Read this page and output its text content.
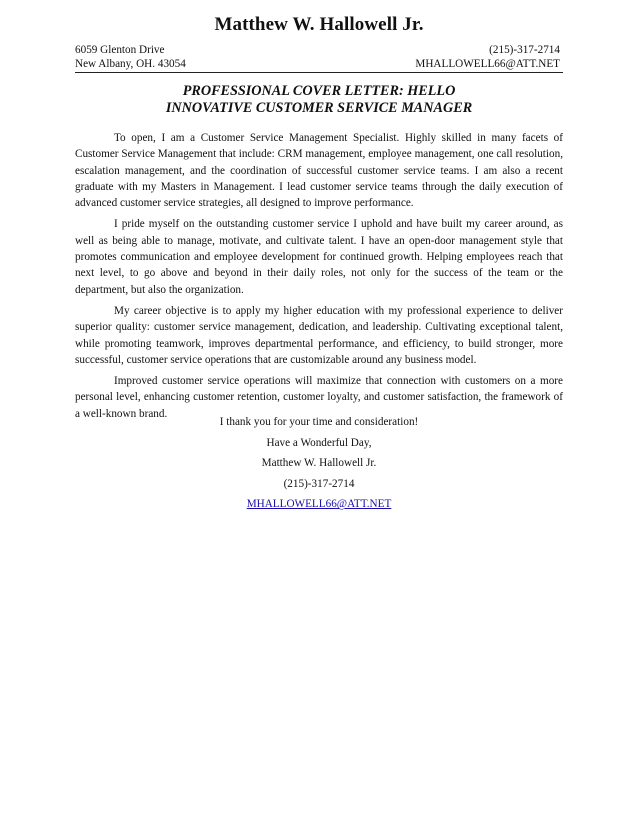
Matthew W. Hallowell Jr.
6059 Glenton Drive	(215)-317-2714
New Albany, OH. 43054	MHALLOWELL66@ATT.NET
PROFESSIONAL COVER LETTER: HELLO
INNOVATIVE CUSTOMER SERVICE MANAGER

To open, I am a Customer Service Management Specialist. Highly skilled in many facets of Customer Service Management that include: CRM management, employee management, one call resolution, escalation management, and the coordination of successful customer service teams. I am also a recent graduate with my Masters in Management. I lead customer service teams through the daily execution of advanced customer service strategies, all designed to improve performance.

I pride myself on the outstanding customer service I uphold and have built my career around, as well as being able to manage, motivate, and cultivate talent. I have an open-door management style that promotes communication and employee development for continued growth. Helping employees reach that next level, to go above and beyond in their daily roles, not only for the success of the team or the department, but also the organization.

My career objective is to apply my higher education with my professional experience to deliver superior quality: customer service management, dedication, and leadership. Cultivating exceptional talent, while promoting teamwork, improves departmental performance, and efficiency, to build stronger, more successful, customer service operations that are customizable around any business model.

Improved customer service operations will maximize that connection with customers on a more personal level, enhancing customer retention, customer loyalty, and customer satisfaction, the framework of a well-known brand.

I thank you for your time and consideration!
Have a Wonderful Day,
Matthew W. Hallowell Jr.
(215)-317-2714
MHALLOWELL66@ATT.NET
